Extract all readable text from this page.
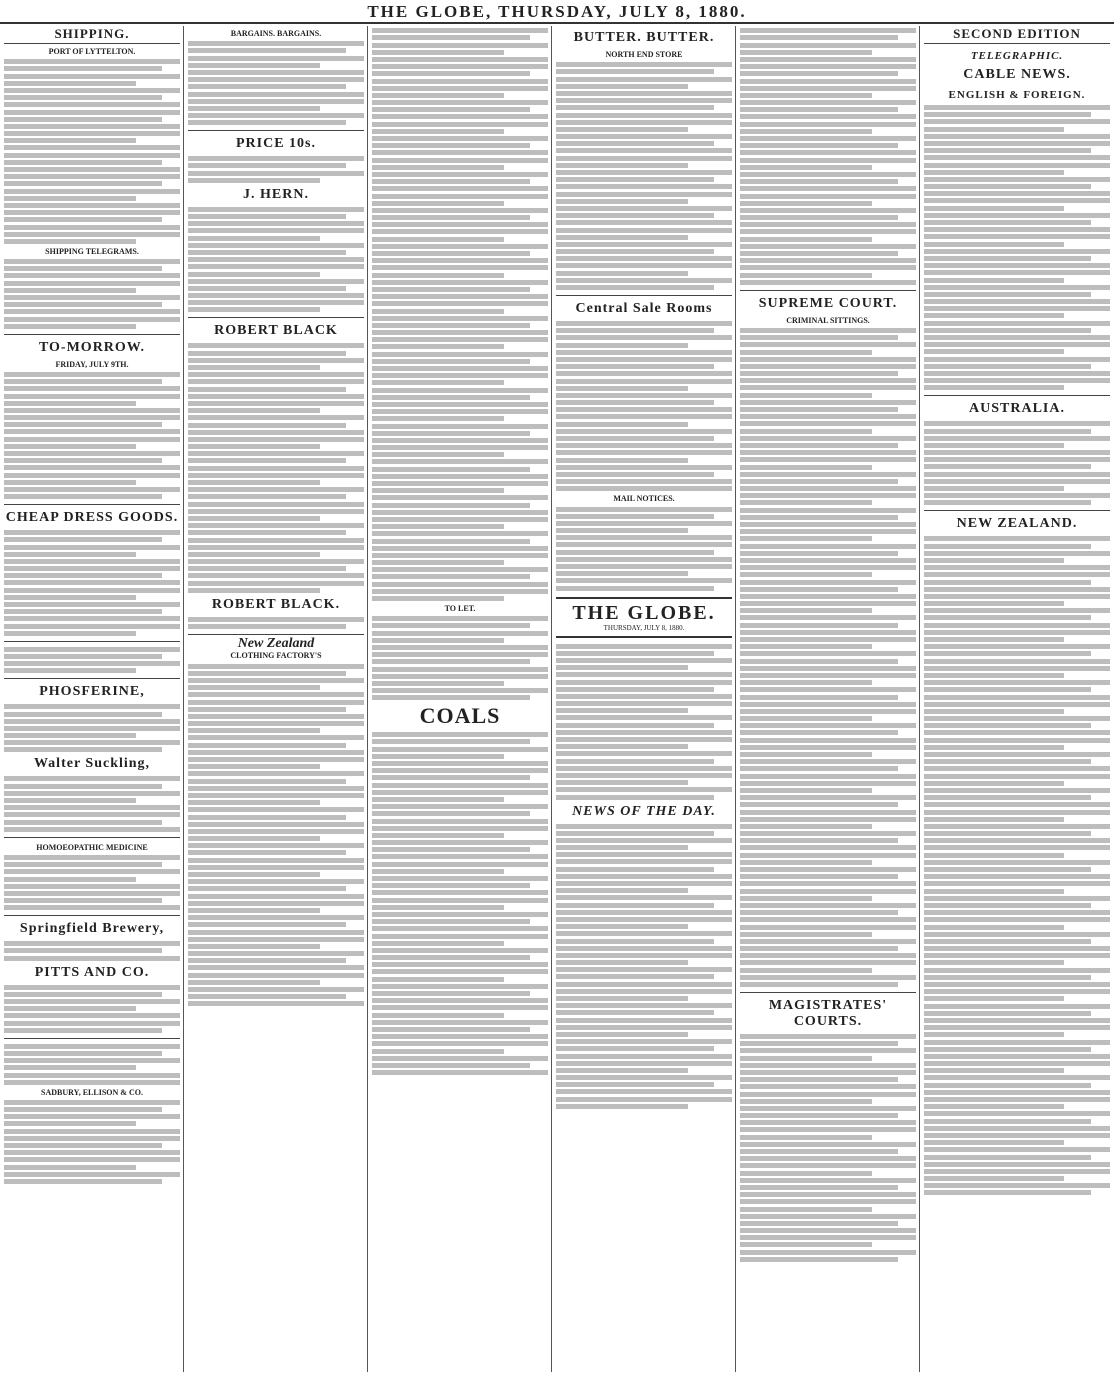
THE GLOBE, THURSDAY, JULY 8, 1880.
SHIPPING.
PORT OF LYTTELTON.
SHIPPING TELEGRAMS.
TO-MORROW.
FRIDAY, JULY 9TH.
CHEAP DRESS GOODS.
PHOSFERINE,
Walter Suckling,
HOMOEOPATHIC MEDICINE
Springfield Brewery,
PITTS AND CO.
SADBURY, ELLISON & CO.
BARGAINS. BARGAINS.
PRICE 10s.
J. HERN.
ROBERT BLACK
ROBERT BLACK.
New Zealand
CLOTHING FACTORY'S
TO LET.
COALS
BUTTER. BUTTER.
NORTH END STORE
Central Sale Rooms
MAIL NOTICES.
THE GLOBE.
THURSDAY, JULY 8, 1880.
NEWS OF THE DAY.
SUPREME COURT.
CRIMINAL SITTINGS.
MAGISTRATES' COURTS.
SECOND EDITION
TELEGRAPHIC.
CABLE NEWS.
ENGLISH & FOREIGN.
AUSTRALIA.
NEW ZEALAND.
